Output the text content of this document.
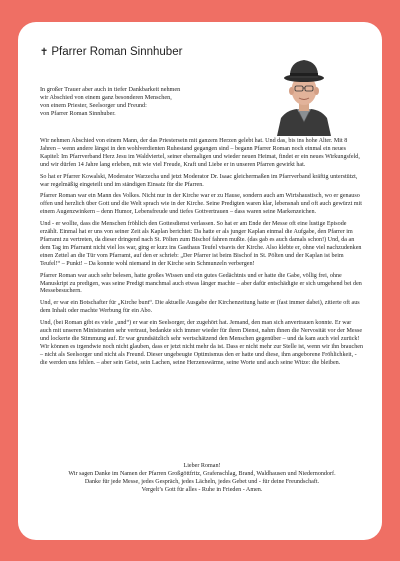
✝ Pfarrer Roman Sinnhuber
In großer Trauer aber auch in tiefer Dankbarkeit nehmen
wir Abschied von einem ganz besonderen Menschen,
von einem Priester, Seelsorger und Freund:
von Pfarrer Roman Sinnhuber.

Wir nehmen Abschied von einem Mann, der das Priestersein mit ganzem Herzen gelebt hat. Und das, bis ins hohe Alter. Mit 8 Jahren – wenn andere längst in den wohlverdienten Ruhestand gegangen sind – begann Pfarrer Roman noch einmal ein neues Kapitel: Im Pfarrverband Herz Jesu im Waldviertel, seiner ehemaligen und wieder neuen Heimat, findet er ein neues Wirkungsfeld, und wir dürfen 14 Jahre lang erleben, mit wie viel Freude, Kraft und Liebe er in unseren Pfarren gewirkt hat.

So hat er Pfarrer Kowalski, Moderator Warzecha und jetzt Moderator Dr. Isaac gleichermaßen im Pfarrverband kräftig unterstützt, war regelmäßig eingeteilt und im ständigen Einsatz für die Pfarren.

Pfarrer Roman war ein Mann des Volkes. Nicht nur in der Kirche war er zu Hause, sondern auch am Wirtshaustisch, wo er genauso offen und herzlich über Gott und die Welt sprach wie in der Kirche. Seine Predigten waren klar, lebensnah und oft auch gewürzt mit einem Augenzwinkern – denn Humor, Lebensfreude und tiefes Gottvertrauen – dass waren seine Markenzeichen.

Und - er wollte, dass die Menschen fröhlich den Gottesdienst verlassen. So hat er am Ende der Messe oft eine lustige Episode erzählt. Einmal hat er uns von seiner Zeit als Kaplan berichtet: Da hatte er als junger Kaplan einmal die Aufgabe, den Pfarrer im Pfarramt zu vertreten, da dieser dringend nach St. Pölten zum Bischof fahren mußte. (das gab es auch damals schon!) Und, da an dem Tag im Pfarramt nicht viel los war, ging er kurz ins Gasthaus Teufel visavis der Kirche. Also klebte er, ohne viel nachzudenken einen Zettel an die Tür vom Pfarramt, auf den er schrieb: „Der Pfarrer ist beim Bischof in St. Pölten und der Kaplan ist beim Teufel!“ – Punkt! – Da konnte wohl niemand in der Kirche sein Schmunzeln verbergen!

Pfarrer Roman war auch sehr belesen, hatte großes Wissen und ein gutes Gedächtnis und er hatte die Gabe, völlig frei, ohne Manuskript zu predigen, was seine Predigt manchmal auch etwas länger machte – aber dafür entschädigte er sich umgehend bei den Messebesuchern.

Und, er war ein Botschafter für „Kirche bunt“. Die aktuelle Ausgabe der Kirchenzeitung hatte er (fast immer dabei), zitierte oft aus dem Inhalt oder machte Werbung für ein Abo.

Und, (bei Roman gibt es viele „und“) er war ein Seelsorger, der zugehört hat. Jemand, den man sich anvertrauen konnte. Er war auch mit unseren Ministranten sehr vertraut, bedankte sich immer wieder für ihren Dienst, nahm ihnen die Nervosität vor der Messe und lockerte die Stimmung auf. Er war grundsätzlich sehr wertschätzend den Menschen gegenüber – und da kam auch viel zurück! Wir können es irgendwie noch nicht glauben, dass er jetzt nicht mehr da ist. Dass er nicht mehr zur Stelle ist, wenn wir ihn brauchen – nicht als Seelsorger und nicht als Freund. Dieser ungebeugte Optimismus den er hatte und diese, ihm angeborene Fröhlichkeit, - die werden uns fehlen. – aber sein Geist, sein Lachen, seine Herzenswärme, seine Worte und auch seine Witze: die bleiben.

Lieber Roman!
Wir sagen Danke im Namen der Pfarren Großgöttfritz, Grafenschlag, Brand, Waldhausen und Niedernondorf.
Danke für jede Messe, jedes Gespräch, jedes Lächeln, jedes Gebet und - für deine Freundschaft.
Vergelt’s Gott für alles - Ruhe in Frieden - Amen.
